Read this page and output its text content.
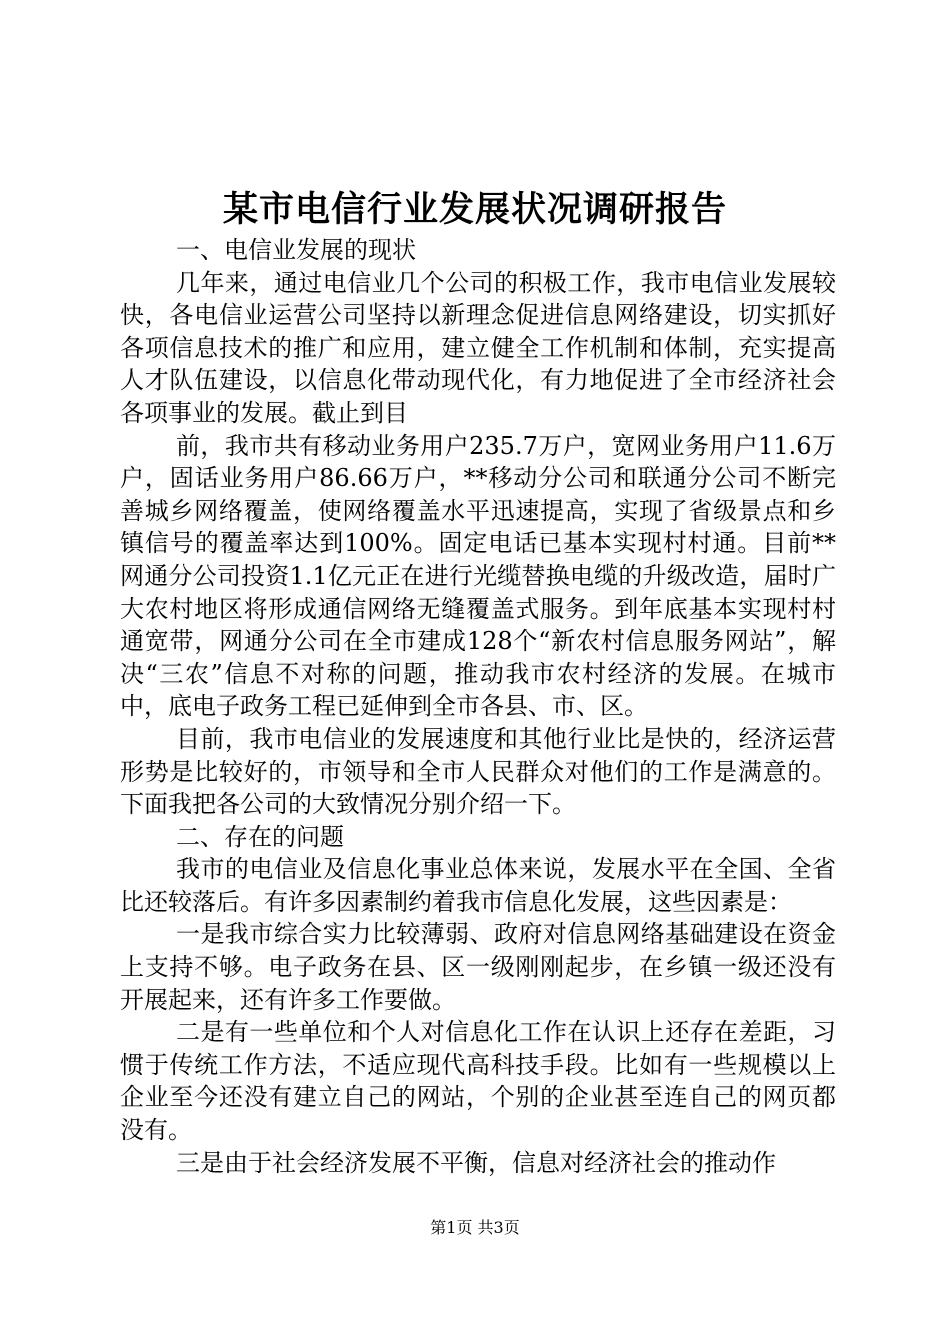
某市电信行业发展状况调研报告

一、电信业发展的现状

几年来，通过电信业几个公司的积极工作，我市电信业发展较快，各电信业运营公司坚持以新理念促进信息网络建设，切实抓好各项信息技术的推广和应用，建立健全工作机制和体制，充实提高人才队伍建设，以信息化带动现代化，有力地促进了全市经济社会各项事业的发展。截止到目

前，我市共有移动业务用户235.7万户，宽网业务用户11.6万户，固话业务用户86.66万户，**移动分公司和联通分公司不断完善城乡网络覆盖，使网络覆盖水平迅速提高，实现了省级景点和乡镇信号的覆盖率达到100%。固定电话已基本实现村村通。目前**网通分公司投资1.1亿元正在进行光缆替换电缆的升级改造，届时广大农村地区将形成通信网络无缝覆盖式服务。到年底基本实现村村通宽带，网通分公司在全市建成128个“新农村信息服务网站”，解决“三农”信息不对称的问题，推动我市农村经济的发展。在城市中，底电子政务工程已延伸到全市各县、市、区。

目前，我市电信业的发展速度和其他行业比是快的，经济运营形势是比较好的，市领导和全市人民群众对他们的工作是满意的。下面我把各公司的大致情况分别介绍一下。

二、存在的问题

我市的电信业及信息化事业总体来说，发展水平在全国、全省比还较落后。有许多因素制约着我市信息化发展，这些因素是：

一是我市综合实力比较薄弱、政府对信息网络基础建设在资金上支持不够。电子政务在县、区一级刚刚起步，在乡镇一级还没有开展起来，还有许多工作要做。

二是有一些单位和个人对信息化工作在认识上还存在差距，习惯于传统工作方法，不适应现代高科技手段。比如有一些规模以上企业至今还没有建立自己的网站，个别的企业甚至连自己的网页都没有。

三是由于社会经济发展不平衡，信息对经济社会的推动作

第1页 共3页
